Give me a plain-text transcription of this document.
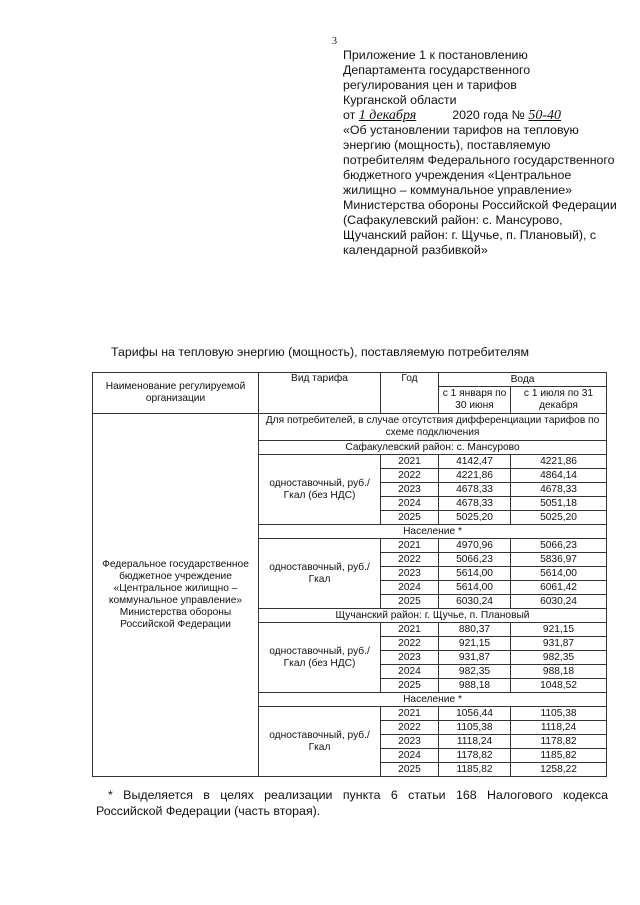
3
Приложение 1 к постановлению
Департамента государственного
регулирования цен и тарифов
Курганской области
от 1 декабря	2020 года № 50-40
«Об установлении тарифов на тепловую энергию (мощность), поставляемую потребителям Федерального государственного бюджетного учреждения «Центральное жилищно – коммунальное управление» Министерства обороны Российской Федерации (Сафакулевский район: с. Мансурово, Щучанский район: г. Щучье, п. Плановый), с календарной разбивкой»
Тарифы на тепловую энергию (мощность), поставляемую потребителям
Наименование регулируемой организации	Вид тарифа	Год	Вода	
			с 1 января по 30 июня	с 1 июля по 31 декабря
Федеральное государственное бюджетное учреждение «Центральное жилищно – коммунальное управление» Министерства обороны Российской Федерации	Для потребителей, в случае отсутствия дифференциации тарифов по схеме подключения			
	Сафакулевский район: с. Мансурово			
	одноставочный, руб./Гкал (без НДС)	2021	4142,47	4221,86
		2022	4221,86	4864,14
		2023	4678,33	4678,33
		2024	4678,33	5051,18
		2025	5025,20	5025,20
	Население *			
	одноставочный, руб./Гкал	2021	4970,96	5066,23
		2022	5066,23	5836,97
		2023	5614,00	5614,00
		2024	5614,00	6061,42
		2025	6030,24	6030,24
	Щучанский район: г. Щучье, п. Плановый			
	одноставочный, руб./Гкал (без НДС)	2021	880,37	921,15
		2022	921,15	931,87
		2023	931,87	982,35
		2024	982,35	988,18
		2025	988,18	1048,52
	Население *			
	одноставочный, руб./Гкал	2021	1056,44	1105,38
		2022	1105,38	1118,24
		2023	1118,24	1178,82
		2024	1178,82	1185,82
		2025	1185,82	1258,22
* Выделяется в целях реализации пункта 6 статьи 168 Налогового кодекса Российской Федерации (часть вторая).
